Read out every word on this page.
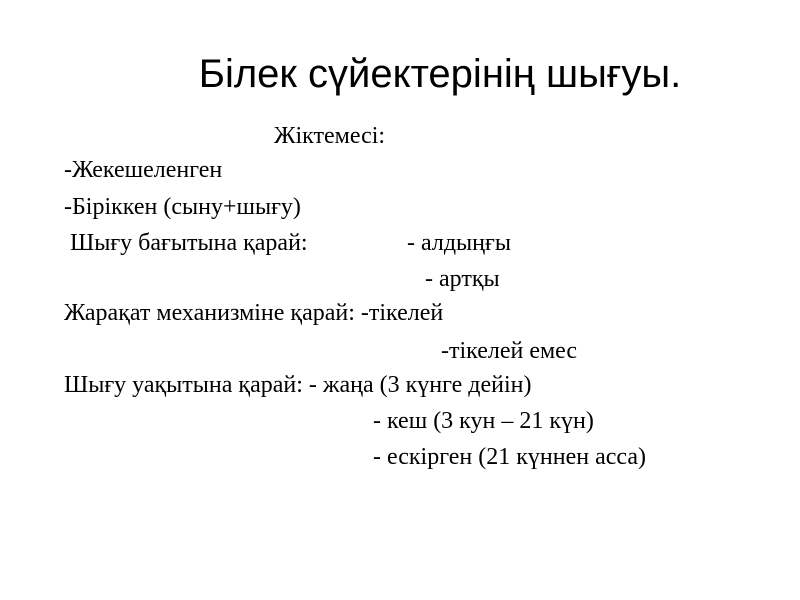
Білек сүйектерінің шығуы.
Жіктемесі:
-Жекешеленген
-Біріккен (сыну+шығу)
Шығу бағытына қарай:	- алдыңғы
- артқы
Жарақат механизміне қарай: -тікелей
-тікелей емес
Шығу уақытына қарай: - жаңа (3 күнге дейін)
- кеш (3 кун – 21 күн)
- ескірген (21 күннен асса)
